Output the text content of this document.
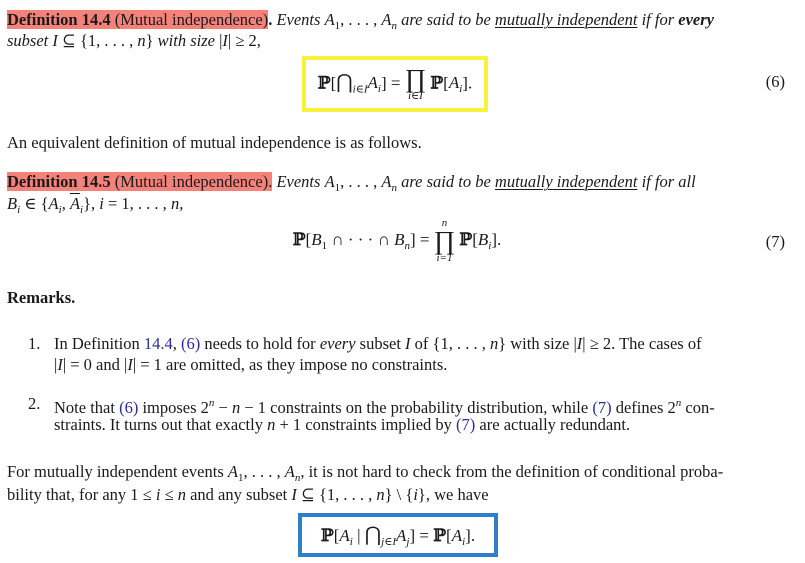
Definition 14.4 (Mutual independence). Events $A_1$, . . . , $A_n$ are said to be mutually independent if for every
subset I ⊆ {1, . . . , n} with size |I| ≥ 2,
$ℙ[⋂_{i\in I}A_i]$ = ∏
i∈I
$ℙ[A_i]$.	(6)
An equivalent definition of mutual independence is as follows.
Definition 14.5 (Mutual independence). Events $A_1$, . . . , $A_n$ are said to be mutually independent if for all
$B_i$ ∈ {$A_i$, $\overline{A}_i$}, i = 1, . . . , n,
$ℙ[B_1$ ∩ · · · ∩ $B_n$] =
n
∏
i=1
$ℙ[B_i]$.	(7)
Remarks.
1. In Definition 14.4, (6) needs to hold for every subset I of {1, . . . , n} with size |I| ≥ 2. The cases of
|I| = 0 and |I| = 1 are omitted, as they impose no constraints.
2. Note that (6) imposes $2^n - n - 1$ constraints on the probability distribution, while (7) defines 2$^n$ con-
straints. It turns out that exactly n + 1 constraints implied by (7) are actually redundant.
For mutually independent events $A_1$, . . . , $A_n$, it is not hard to check from the definition of conditional proba-
bility that, for any 1 ≤ i ≤ n and any subset I ⊆ {1, . . . , n} \ {i}, we have
$ℙ[A_i$ | $⋂_{j\in I}A_j$] = $ℙ[A_i]$.
